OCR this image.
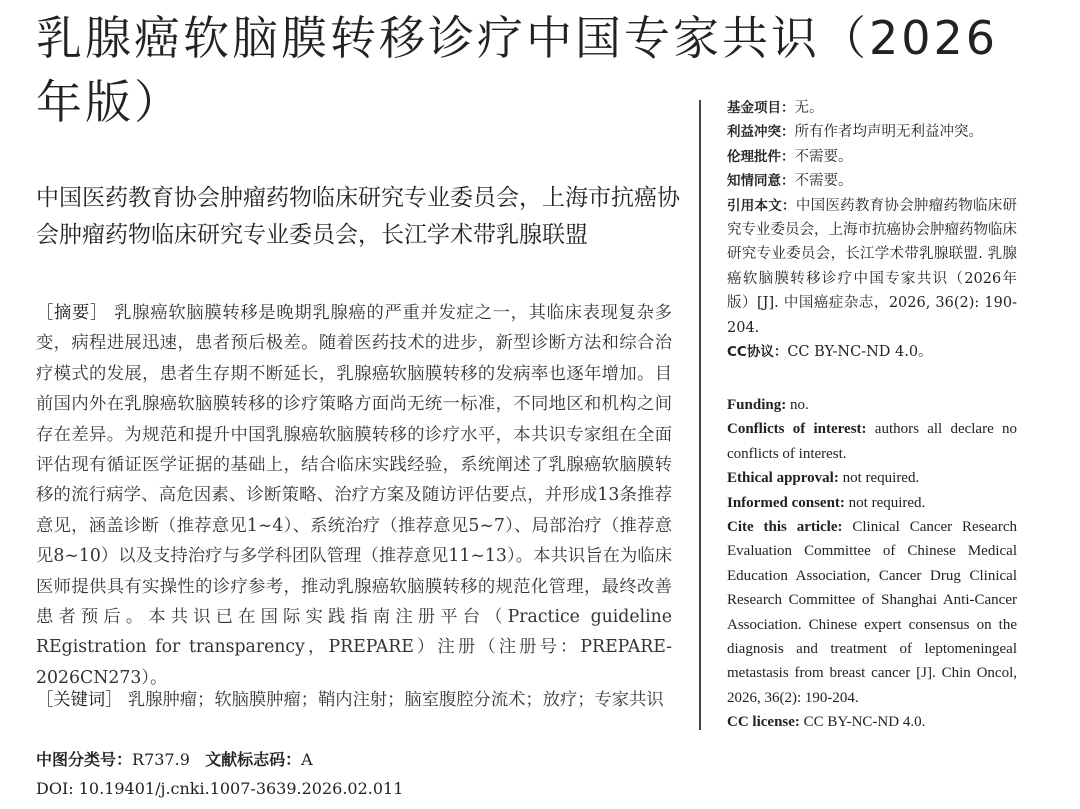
乳腺癌软脑膜转移诊疗中国专家共识（2026年版）
中国医药教育协会肿瘤药物临床研究专业委员会，上海市抗癌协会肿瘤药物临床研究专业委员会，长江学术带乳腺联盟

［摘要］ 乳腺癌软脑膜转移是晚期乳腺癌的严重并发症之一，其临床表现复杂多变，病程进展迅速，患者预后极差。随着医药技术的进步，新型诊断方法和综合治疗模式的发展，患者生存期不断延长，乳腺癌软脑膜转移的发病率也逐年增加。目前国内外在乳腺癌软脑膜转移的诊疗策略方面尚无统一标准，不同地区和机构之间存在差异。为规范和提升中国乳腺癌软脑膜转移的诊疗水平，本共识专家组在全面评估现有循证医学证据的基础上，结合临床实践经验，系统阐述了乳腺癌软脑膜转移的流行病学、高危因素、诊断策略、治疗方案及随访评估要点，并形成13条推荐意见，涵盖诊断（推荐意见1~4）、系统治疗（推荐意见5~7）、局部治疗（推荐意见8~10）以及支持治疗与多学科团队管理（推荐意见11~13）。本共识旨在为临床医师提供具有实操性的诊疗参考，推动乳腺癌软脑膜转移的规范化管理，最终改善患者预后。本共识已在国际实践指南注册平台（Practice guideline REgistration for transparency，PREPARE）注册（注册号：PREPARE-2026CN273）。

［关键词］ 乳腺肿瘤；软脑膜肿瘤；鞘内注射；脑室腹腔分流术；放疗；专家共识

中图分类号：R737.9 文献标志码：A
DOI: 10.19401/j.cnki.1007-3639.2026.02.011

基金项目：无。

利益冲突：所有作者均声明无利益冲突。

伦理批件：不需要。

知情同意：不需要。

引用本文：中国医药教育协会肿瘤药物临床研究专业委员会，上海市抗癌协会肿瘤药物临床研究专业委员会，长江学术带乳腺联盟. 乳腺癌软脑膜转移诊疗中国专家共识（2026年版）[J]. 中国癌症杂志，2026, 36(2): 190-204.

CC协议：CC BY-NC-ND 4.0。

Funding: no.

Conflicts of interest: authors all declare no conflicts of interest.

Ethical approval: not required.

Informed consent: not required.

Cite this article: Clinical Cancer Research Evaluation Committee of Chinese Medical Education Association, Cancer Drug Clinical Research Committee of Shanghai Anti-Cancer Association. Chinese expert consensus on the diagnosis and treatment of leptomeningeal metastasis from breast cancer [J]. Chin Oncol, 2026, 36(2): 190-204.

CC license: CC BY-NC-ND 4.0.
